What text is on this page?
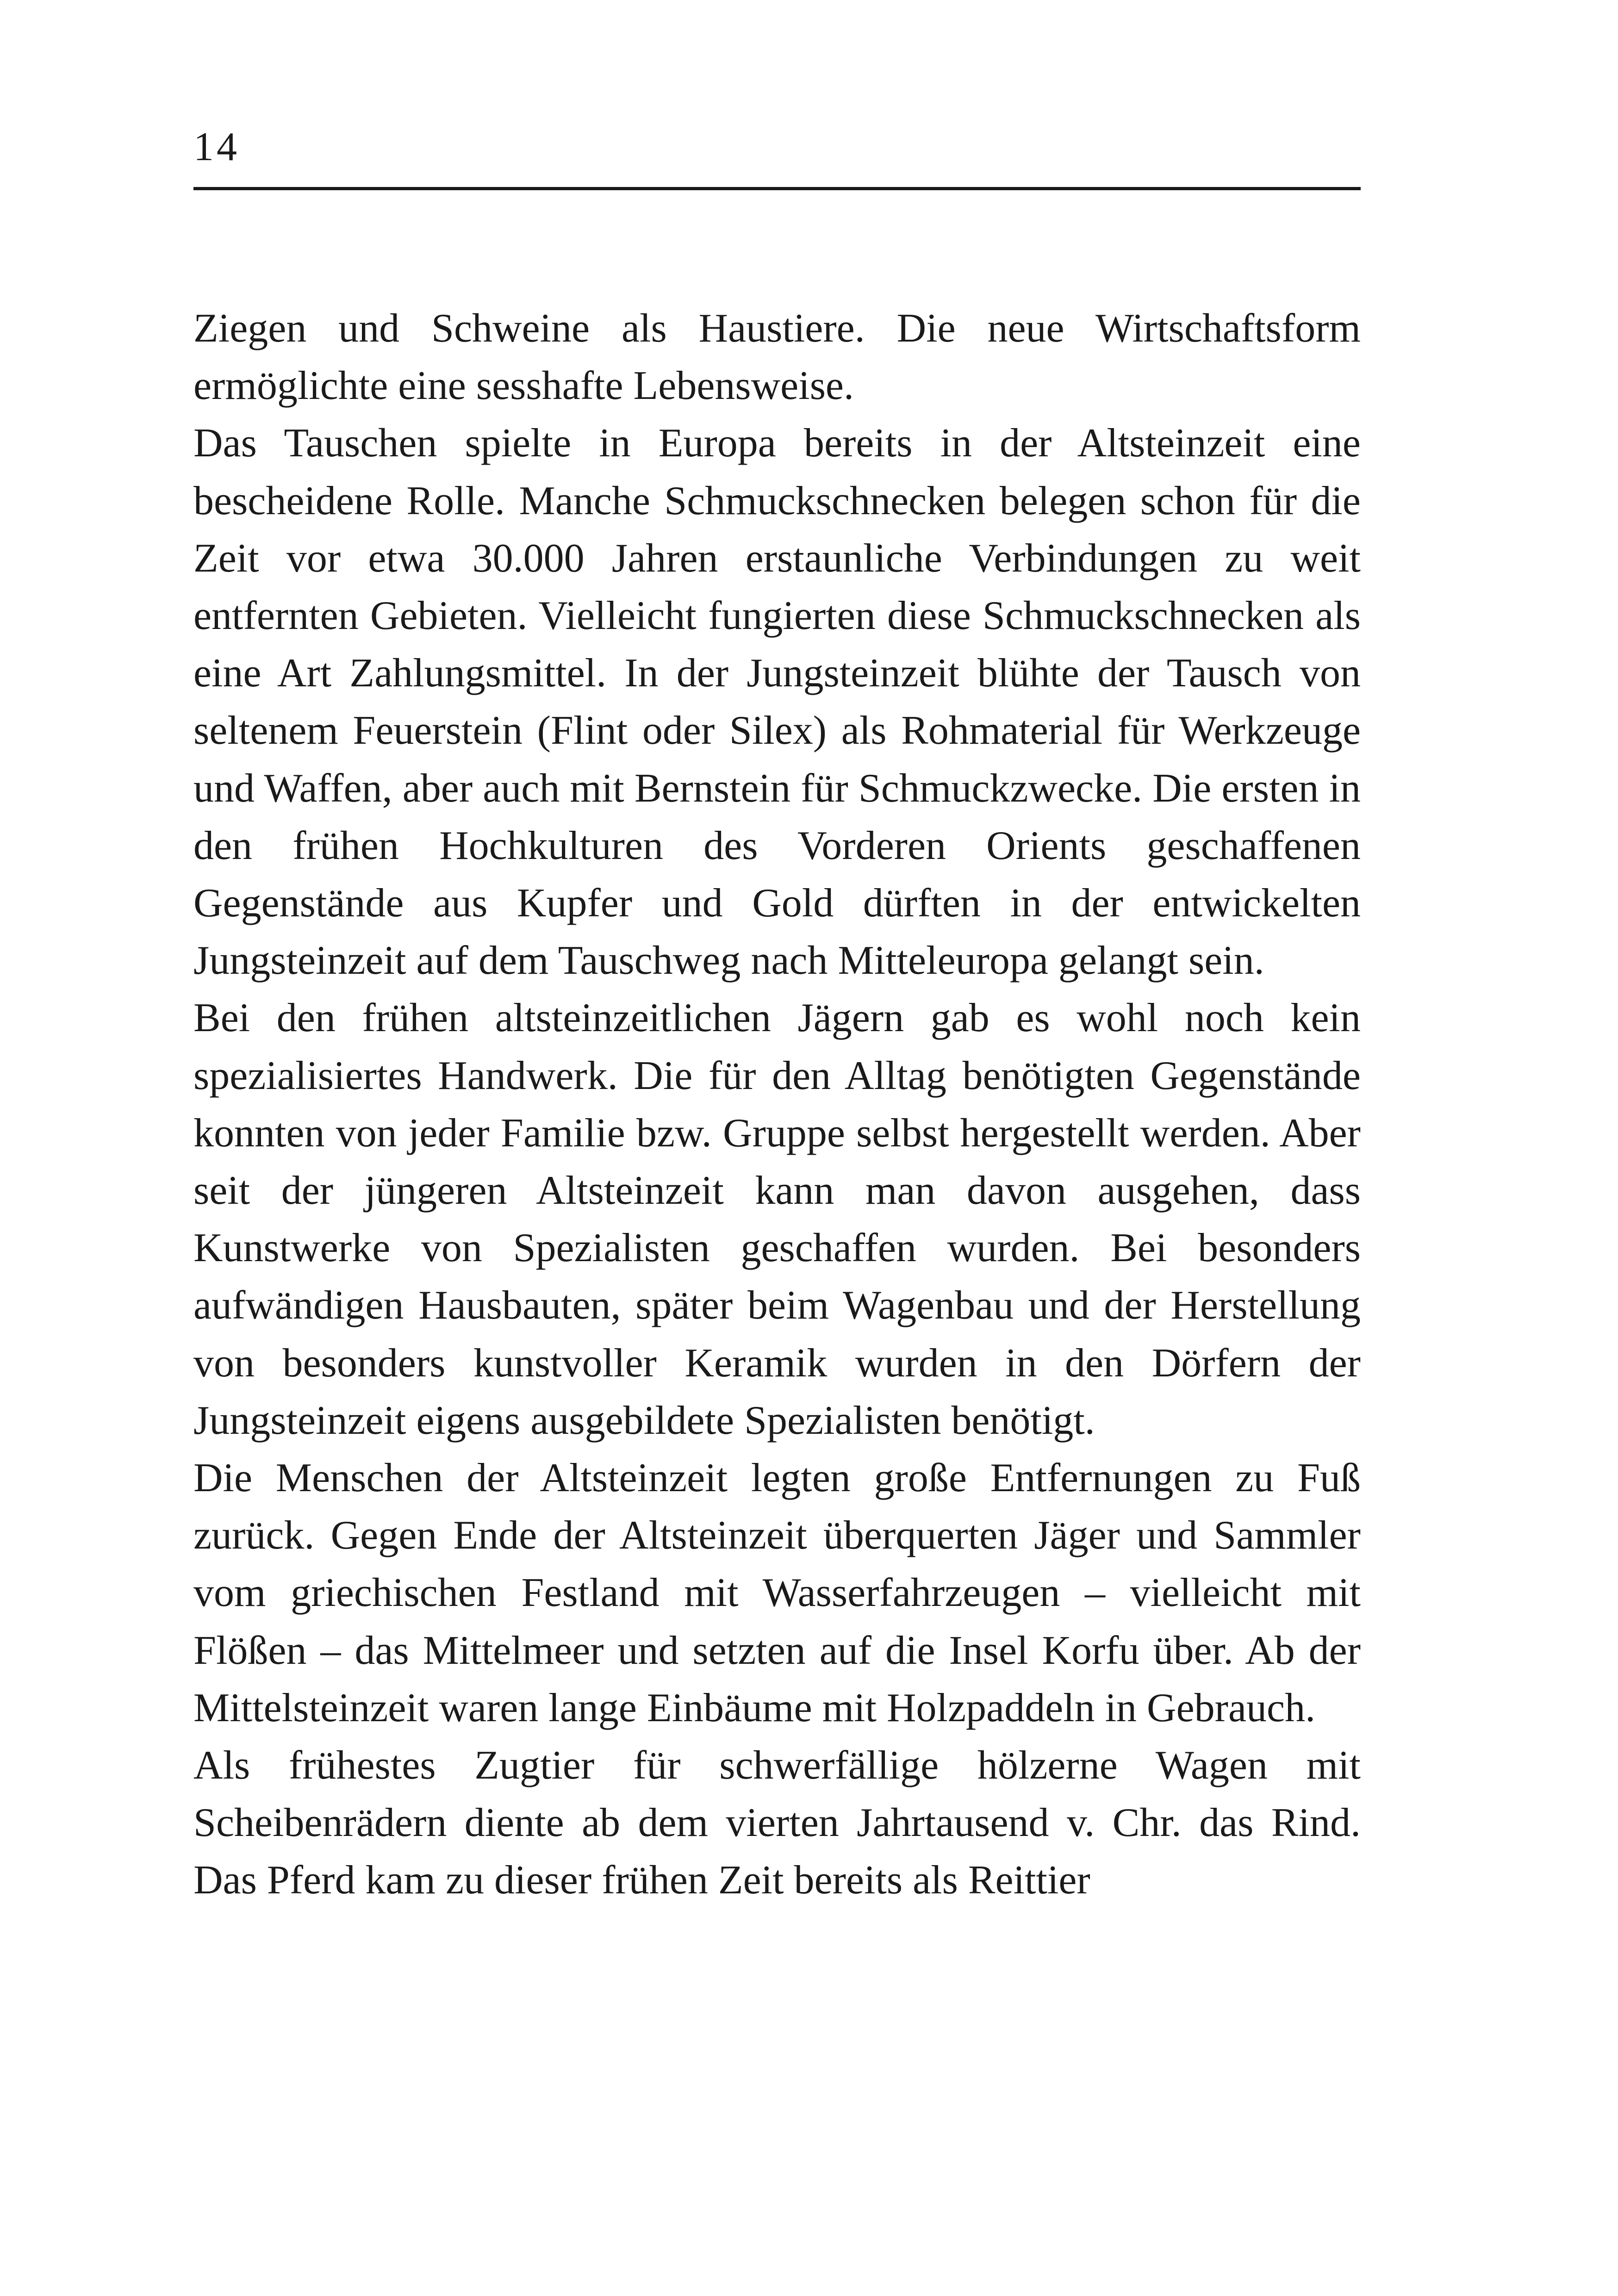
14

Ziegen und Schweine als Haustiere. Die neue Wirtschaftsform ermöglichte eine sesshafte Lebensweise.

Das Tauschen spielte in Europa bereits in der Altsteinzeit eine bescheidene Rolle. Manche Schmuckschnecken belegen schon für die Zeit vor etwa 30.000 Jahren erstaunliche Verbindungen zu weit entfernten Gebieten. Vielleicht fungierten diese Schmuckschnecken als eine Art Zahlungsmittel. In der Jungsteinzeit blühte der Tausch von seltenem Feuerstein (Flint oder Silex) als Rohmaterial für Werkzeuge und Waffen, aber auch mit Bernstein für Schmuckzwecke. Die ersten in den frühen Hochkulturen des Vorderen Orients geschaffenen Gegenstände aus Kupfer und Gold dürften in der entwickelten Jungsteinzeit auf dem Tauschweg nach Mitteleuropa gelangt sein.

Bei den frühen altsteinzeitlichen Jägern gab es wohl noch kein spezialisiertes Handwerk. Die für den Alltag benötigten Gegenstände konnten von jeder Familie bzw. Gruppe selbst hergestellt werden. Aber seit der jüngeren Altsteinzeit kann man davon ausgehen, dass Kunstwerke von Spezialisten geschaffen wurden. Bei besonders aufwändigen Hausbauten, später beim Wagenbau und der Herstellung von besonders kunstvoller Keramik wurden in den Dörfern der Jungsteinzeit eigens ausgebildete Spezialisten benötigt.

Die Menschen der Altsteinzeit legten große Entfernungen zu Fuß zurück. Gegen Ende der Altsteinzeit überquerten Jäger und Sammler vom griechischen Festland mit Wasserfahrzeugen – vielleicht mit Flößen – das Mittelmeer und setzten auf die Insel Korfu über. Ab der Mittelsteinzeit waren lange Einbäume mit Holzpaddeln in Gebrauch.

Als frühestes Zugtier für schwerfällige hölzerne Wagen mit Scheibenrädern diente ab dem vierten Jahrtausend v. Chr. das Rind. Das Pferd kam zu dieser frühen Zeit bereits als Reittier
